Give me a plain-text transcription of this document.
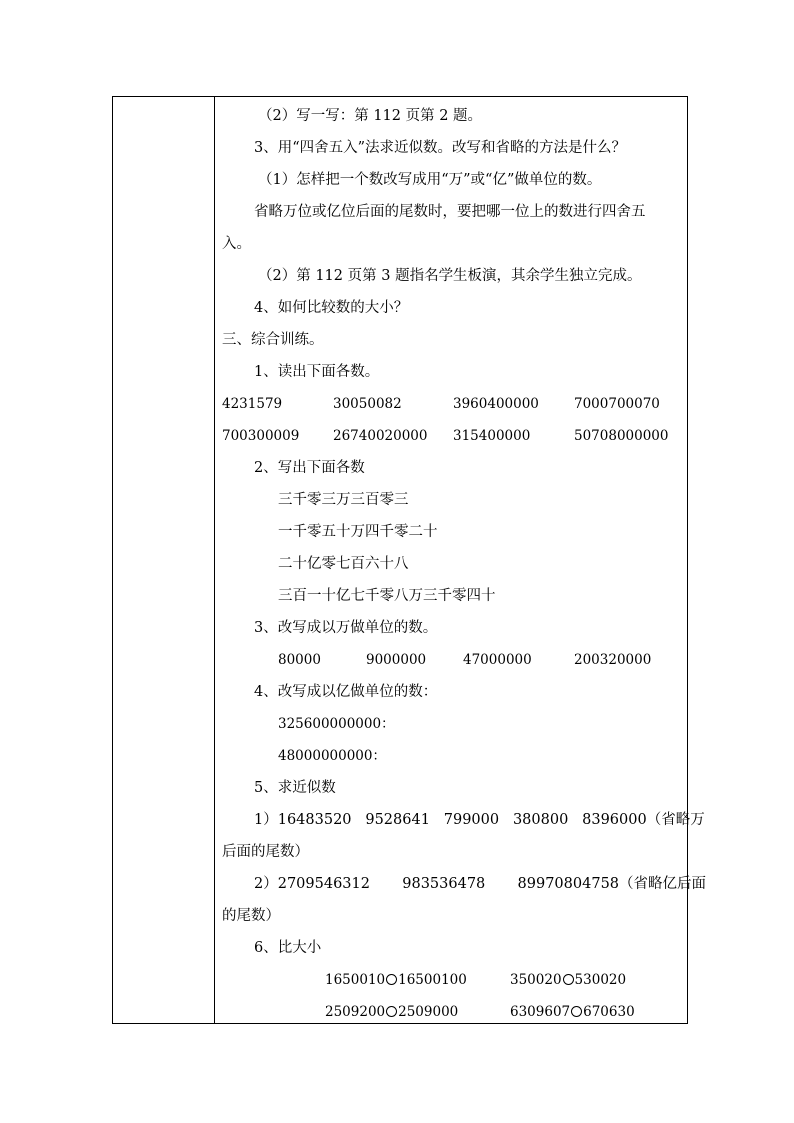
（2）写一写：第 112 页第 2 题。
3、用“四舍五入”法求近似数。改写和省略的方法是什么？
（1）怎样把一个数改写成用“万”或“亿”做单位的数。
省略万位或亿位后面的尾数时，要把哪一位上的数进行四舍五
入。
（2）第 112 页第 3 题指名学生板演，其余学生独立完成。
4、如何比较数的大小？
三、综合训练。
1、读出下面各数。
4231579	30050082	3960400000	7000700070
700300009 26740020000 315400000	50708000000
2、写出下面各数
三千零三万三百零三
一千零五十万四千零二十
二十亿零七百六十八
三百一十亿七千零八万三千零四十
3、改写成以万做单位的数。
80000	9000000	47000000	200320000
4、改写成以亿做单位的数：
325600000000：
48000000000：
5、求近似数
1）16483520   9528641   799000   380800   8396000（省略万
后面的尾数）
2）2709546312       983536478       89970804758（省略亿后面
的尾数）
6、比大小
1650010 16500100	350020 530020
2509200 2509000	6309607 670630
